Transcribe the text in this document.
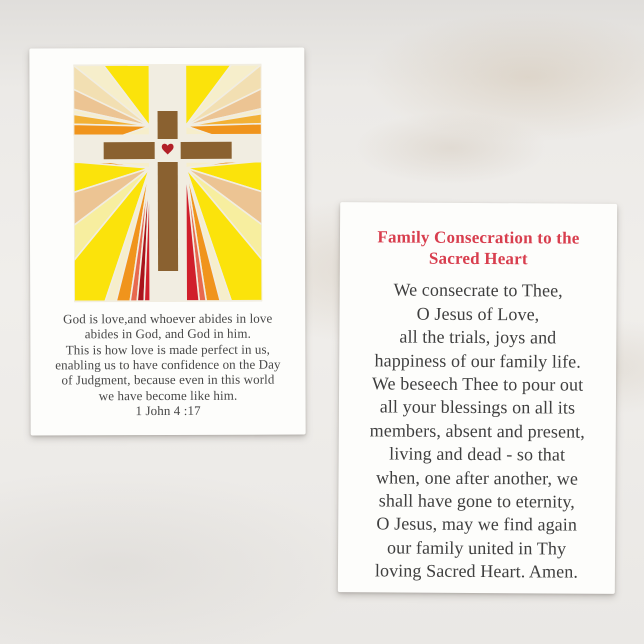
God is love,and whoever abides in love
abides in God, and God in him.
This is how love is made perfect in us,
enabling us to have confidence on the Day
of Judgment, because even in this world
we have become like him.
1 John 4 :17
Family Consecration to the
Sacred Heart
We consecrate to Thee,
O Jesus of Love,
all the trials, joys and
happiness of our family life.
We beseech Thee to pour out
all your blessings on all its
members, absent and present,
living and dead - so that
when, one after another, we
shall have gone to eternity,
O Jesus, may we find again
our family united in Thy
loving Sacred Heart. Amen.
